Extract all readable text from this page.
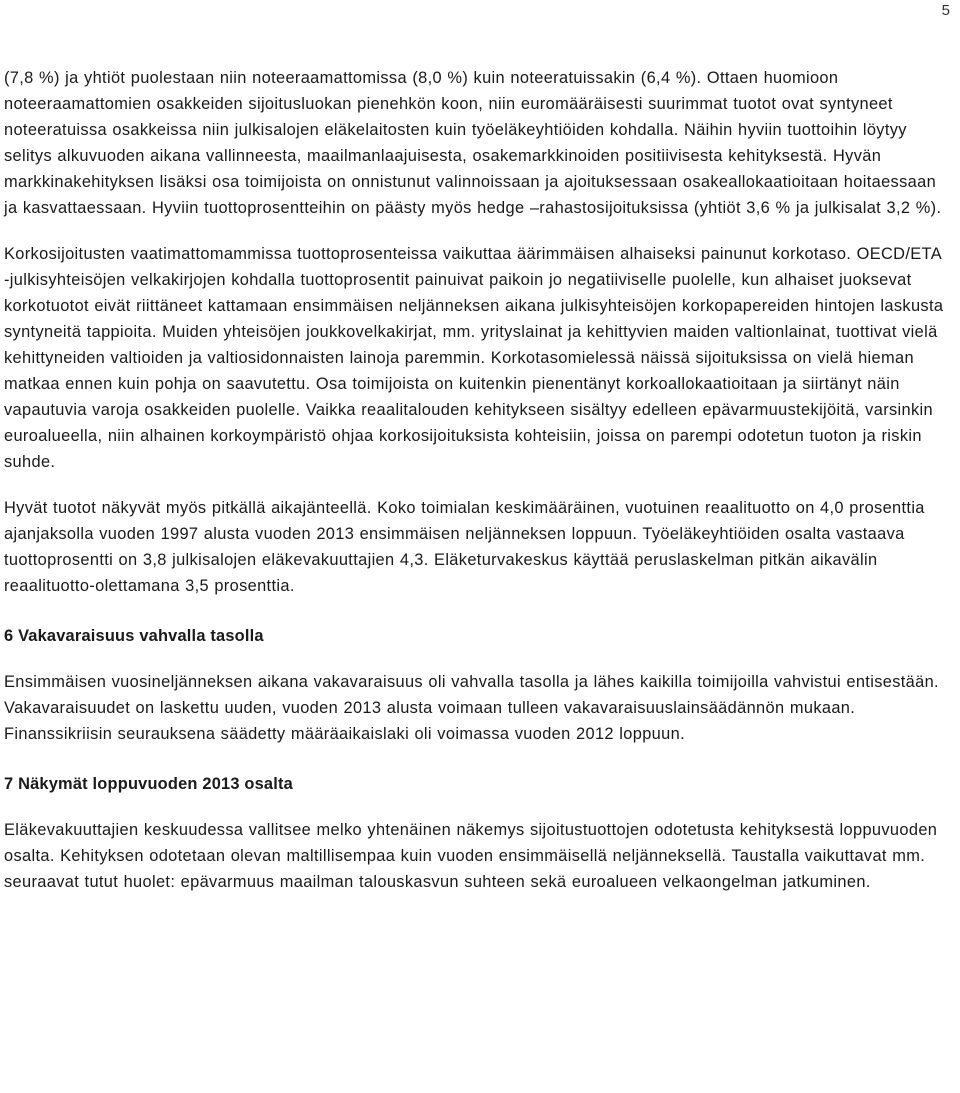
5

(7,8 %) ja yhtiöt puolestaan niin noteeraamattomissa (8,0 %) kuin noteeratuissakin (6,4 %). Ottaen huomioon noteeraamattomien osakkeiden sijoitusluokan pienehkön koon, niin euromääräisesti suurimmat tuotot ovat syntyneet noteeratuissa osakkeissa niin julkisalojen eläkelaitosten kuin työeläkeyhtiöiden kohdalla. Näihin hyviin tuottoihin löytyy selitys alkuvuoden aikana vallinneesta, maailmanlaajuisesta, osakemarkkinoiden positiivisesta kehityksestä. Hyvän markkinakehityksen lisäksi osa toimijoista on onnistunut valinnoissaan ja ajoituksessaan osakeallokaatioitaan hoitaessaan ja kasvattaessaan. Hyviin tuottoprosentteihin on päästy myös hedge –rahastosijoituksissa (yhtiöt 3,6 % ja julkisalat 3,2 %).

Korkosijoitusten vaatimattomammissa tuottoprosenteissa vaikuttaa äärimmäisen alhaiseksi painunut korkotaso. OECD/ETA -julkisyhteisöjen velkakirjojen kohdalla tuottoprosentit painuivat paikoin jo negatiiviselle puolelle, kun alhaiset juoksevat korkotuotot eivät riittäneet kattamaan ensimmäisen neljänneksen aikana julkisyhteisöjen korkopapereiden hintojen laskusta syntyneitä tappioita. Muiden yhteisöjen joukkovelkakirjat, mm. yrityslainat ja kehittyvien maiden valtionlainat, tuottivat vielä kehittyneiden valtioiden ja valtiosidonnaisten lainoja paremmin. Korkotasomielessä näissä sijoituksissa on vielä hieman matkaa ennen kuin pohja on saavutettu. Osa toimijoista on kuitenkin pienentänyt korkoallokaatioitaan ja siirtänyt näin vapautuvia varoja osakkeiden puolelle. Vaikka reaalitalouden kehitykseen sisältyy edelleen epävarmuustekijöitä, varsinkin euroalueella, niin alhainen korkoympäristö ohjaa korkosijoituksista kohteisiin, joissa on parempi odotetun tuoton ja riskin suhde.

Hyvät tuotot näkyvät myös pitkällä aikajänteellä. Koko toimialan keskimääräinen, vuotuinen reaalituotto on 4,0 prosenttia ajanjaksolla vuoden 1997 alusta vuoden 2013 ensimmäisen neljänneksen loppuun. Työeläkeyhtiöiden osalta vastaava tuottoprosentti on 3,8 julkisalojen eläkevakuuttajien 4,3. Eläketurvakeskus käyttää peruslaskelman pitkän aikavälin reaalituotto-olettamana 3,5 prosenttia.

6 Vakavaraisuus vahvalla tasolla

Ensimmäisen vuosineljänneksen aikana vakavaraisuus oli vahvalla tasolla ja lähes kaikilla toimijoilla vahvistui entisestään. Vakavaraisuudet on laskettu uuden, vuoden 2013 alusta voimaan tulleen vakavaraisuuslainsäädännön mukaan. Finanssikriisin seurauksena säädetty määräaikaislaki oli voimassa vuoden 2012 loppuun.

7 Näkymät loppuvuoden 2013 osalta

Eläkevakuuttajien keskuudessa vallitsee melko yhtenäinen näkemys sijoitustuottojen odotetusta kehityksestä loppuvuoden osalta. Kehityksen odotetaan olevan maltillisempaa kuin vuoden ensimmäisellä neljänneksellä. Taustalla vaikuttavat mm. seuraavat tutut huolet: epävarmuus maailman talouskasvun suhteen sekä euroalueen velkaongelman jatkuminen.
